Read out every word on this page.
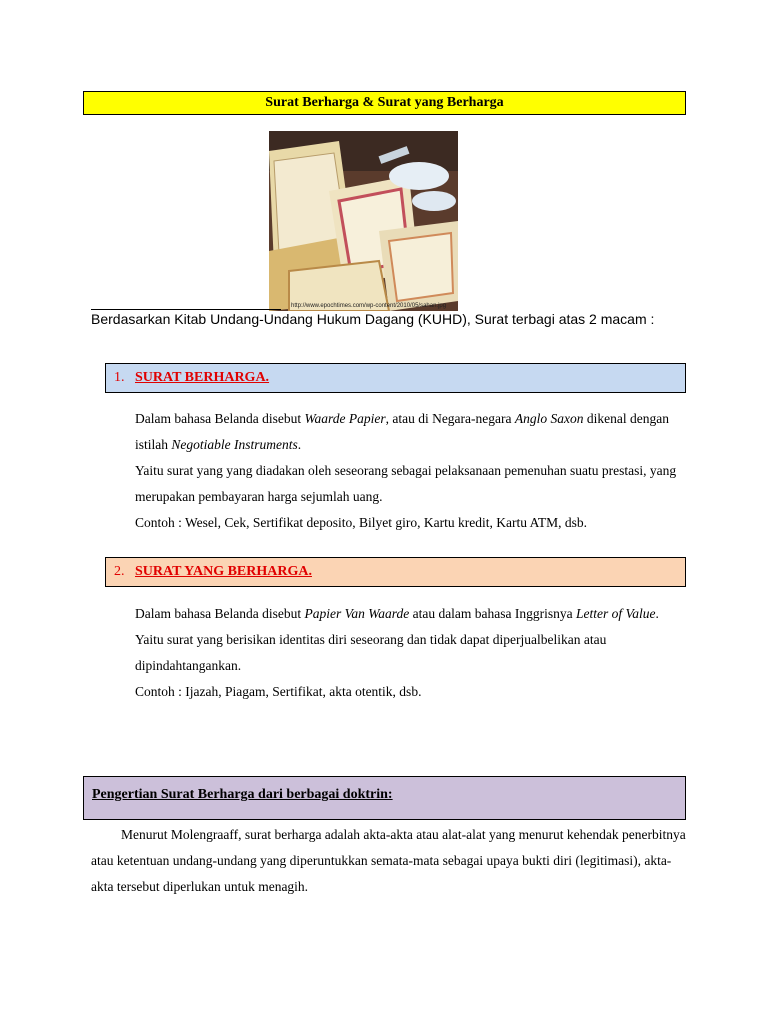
Surat Berharga & Surat yang Berharga
http://www.epochtimes.com/wp-content/2010/05/sahan.jpg
Berdasarkan Kitab Undang-Undang Hukum Dagang (KUHD), Surat terbagi atas 2 macam :
1. SURAT BERHARGA.

Dalam bahasa Belanda disebut Waarde Papier, atau di Negara-negara Anglo Saxon dikenal dengan istilah Negotiable Instruments.

Yaitu surat yang yang diadakan oleh seseorang sebagai pelaksanaan pemenuhan suatu prestasi, yang merupakan pembayaran harga sejumlah uang.

Contoh : Wesel, Cek, Sertifikat deposito, Bilyet giro, Kartu kredit, Kartu ATM, dsb.

2. SURAT YANG BERHARGA.

Dalam bahasa Belanda disebut Papier Van Waarde atau dalam bahasa Inggrisnya Letter of Value.

Yaitu surat yang berisikan identitas diri seseorang dan tidak dapat diperjualbelikan atau dipindahtangankan.

Contoh : Ijazah, Piagam, Sertifikat, akta otentik, dsb.

Pengertian Surat Berharga dari berbagai doktrin:

Menurut Molengraaff, surat berharga adalah akta-akta atau alat-alat yang menurut kehendak penerbitnya atau ketentuan undang-undang yang diperuntukkan semata-mata sebagai upaya bukti diri (legitimasi), akta-akta tersebut diperlukan untuk menagih.
